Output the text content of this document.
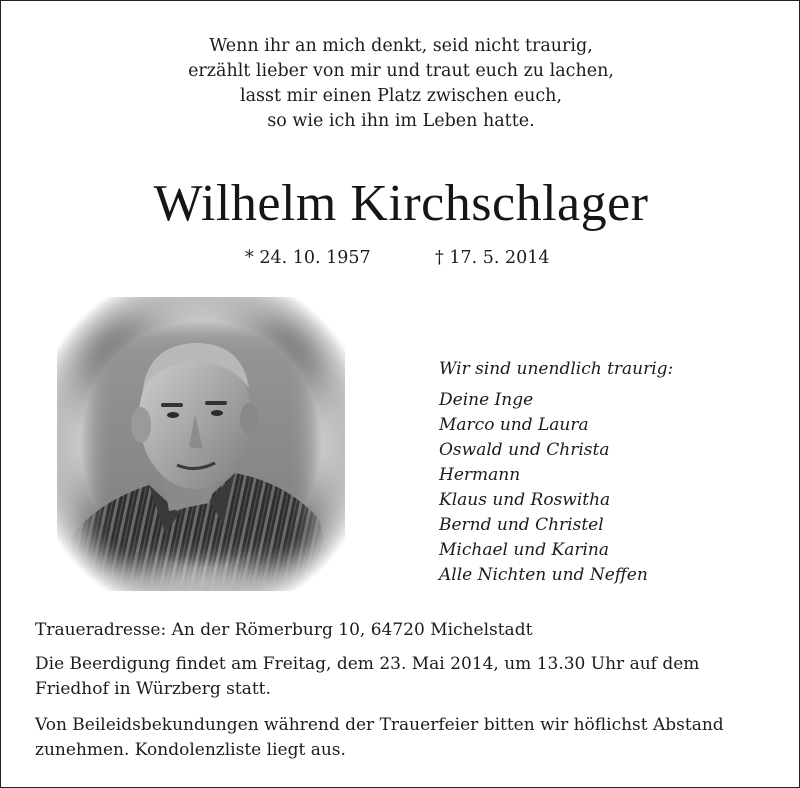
Wenn ihr an mich denkt, seid nicht traurig,
erzählt lieber von mir und traut euch zu lachen,
lasst mir einen Platz zwischen euch,
so wie ich ihn im Leben hatte.
Wilhelm Kirchschlager
* 24. 10. 1957	† 17. 5. 2014
Wir sind unendlich traurig:
Deine Inge
Marco und Laura
Oswald und Christa
Hermann
Klaus und Roswitha
Bernd und Christel
Michael und Karina
Alle Nichten und Neffen
Traueradresse: An der Römerburg 10, 64720 Michelstadt
Die Beerdigung findet am Freitag, dem 23. Mai 2014, um 13.30 Uhr auf dem Friedhof in Würzberg statt.
Von Beileidsbekundungen während der Trauerfeier bitten wir höflichst Abstand zunehmen. Kondolenzliste liegt aus.
